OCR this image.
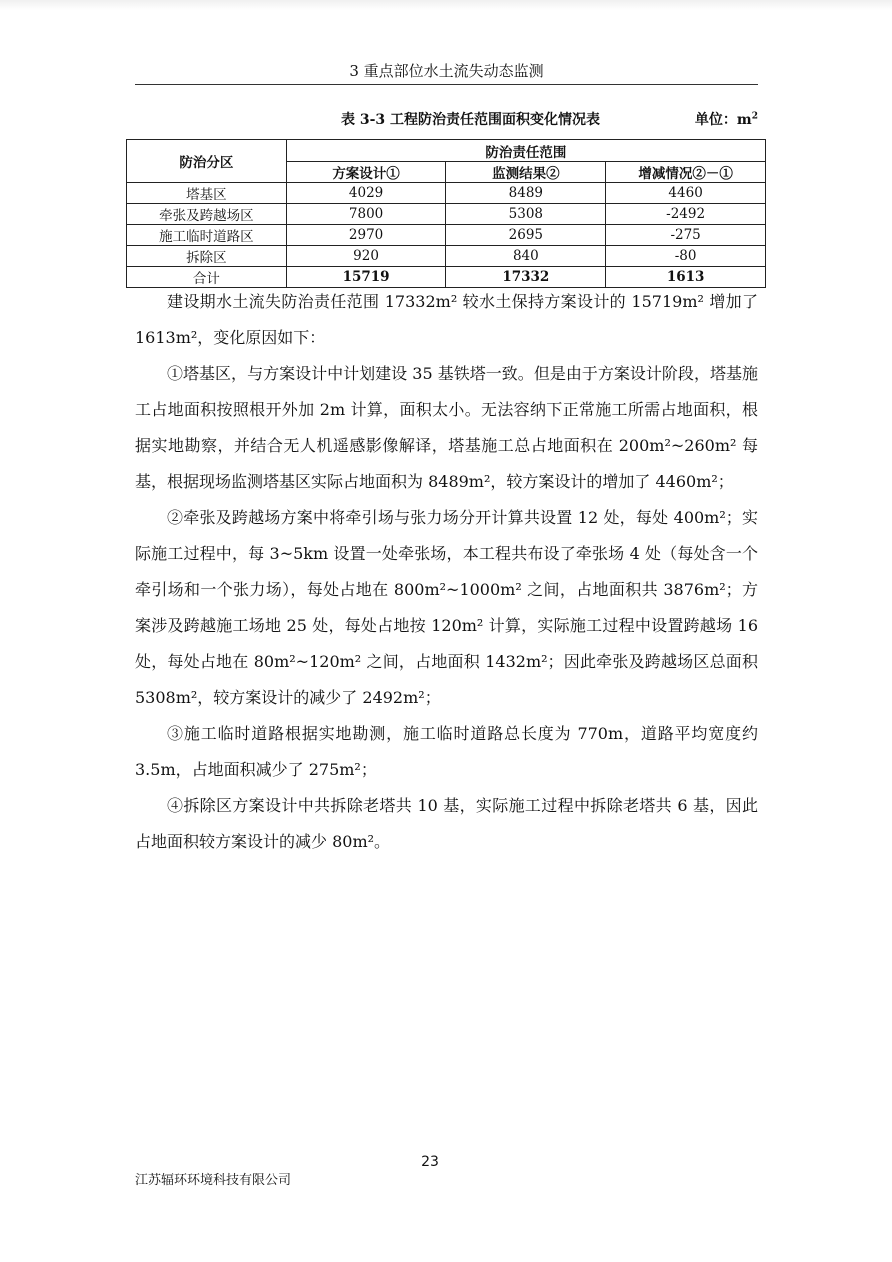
3 重点部位水土流失动态监测
表 3-3 工程防治责任范围面积变化情况表	单位：$m^2$
防治分区	防治责任范围		
	方案设计①	监测结果②	增减情况②－①
塔基区	4029	8489	4460
牵张及跨越场区	7800	5308	-2492
施工临时道路区	2970	2695	-275
拆除区	920	840	-80
合计	15719	17332	1613

建设期水土流失防治责任范围 17332m² 较水土保持方案设计的 15719m² 增加了 1613m²，变化原因如下：

①塔基区，与方案设计中计划建设 35 基铁塔一致。但是由于方案设计阶段，塔基施工占地面积按照根开外加 2m 计算，面积太小。无法容纳下正常施工所需占地面积，根据实地勘察，并结合无人机遥感影像解译，塔基施工总占地面积在 200m²~260m² 每基，根据现场监测塔基区实际占地面积为 8489m²，较方案设计的增加了 4460m²；

②牵张及跨越场方案中将牵引场与张力场分开计算共设置 12 处，每处 400m²；实际施工过程中，每 3~5km 设置一处牵张场，本工程共布设了牵张场 4 处（每处含一个牵引场和一个张力场），每处占地在 800m²~1000m² 之间，占地面积共 3876m²；方案涉及跨越施工场地 25 处，每处占地按 120m² 计算，实际施工过程中设置跨越场 16 处，每处占地在 80m²~120m² 之间，占地面积 1432m²；因此牵张及跨越场区总面积 5308m²，较方案设计的减少了 2492m²；

③施工临时道路根据实地勘测，施工临时道路总长度为 770m，道路平均宽度约 3.5m，占地面积减少了 275m²；

④拆除区方案设计中共拆除老塔共 10 基，实际施工过程中拆除老塔共 6 基，因此占地面积较方案设计的减少 80m²。

23
江苏辐环环境科技有限公司
